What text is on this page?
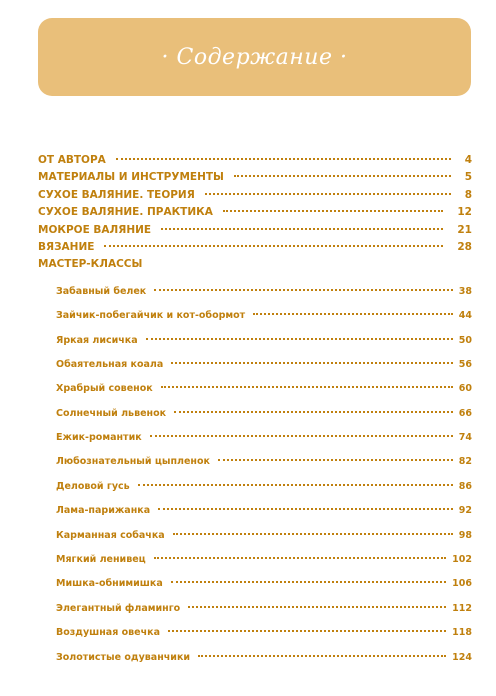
· Содержание ·
ОТ АВТОРА	4
МАТЕРИАЛЫ И ИНСТРУМЕНТЫ	5
СУХОЕ ВАЛЯНИЕ. ТЕОРИЯ	8
СУХОЕ ВАЛЯНИЕ. ПРАКТИКА	12
МОКРОЕ ВАЛЯНИЕ	21
ВЯЗАНИЕ	28
МАСТЕР-КЛАССЫ
Забавный белек	38
Зайчик-побегайчик и кот-обормот	44
Яркая лисичка	50
Обаятельная коала	56
Храбрый совенок	60
Солнечный львенок	66
Ежик-романтик	74
Любознательный цыпленок	82
Деловой гусь	86
Лама-парижанка	92
Карманная собачка	98
Мягкий ленивец	102
Мишка-обнимишка	106
Элегантный фламинго	112
Воздушная овечка	118
Золотистые одуванчики	124
